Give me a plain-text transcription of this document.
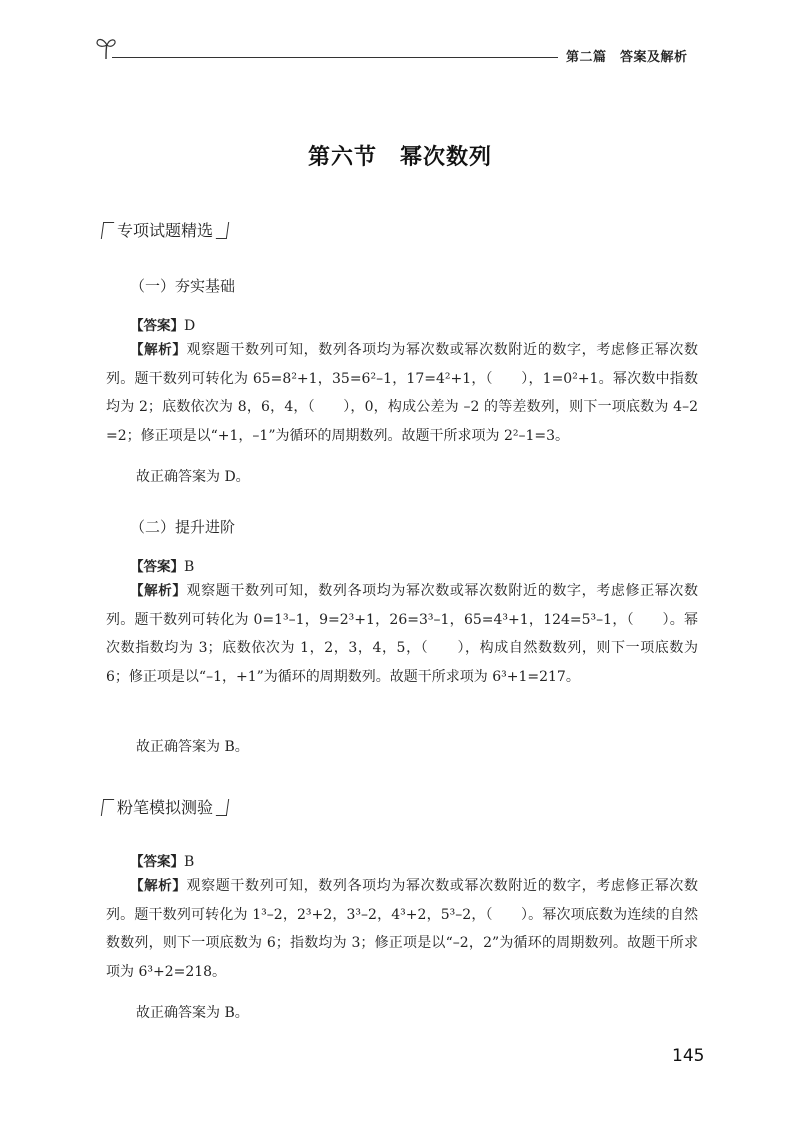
第二篇　答案及解析
第六节　幂次数列
专项试题精选
（一）夯实基础
【答案】D
【解析】观察题干数列可知，数列各项均为幂次数或幂次数附近的数字，考虑修正幂次数列。题干数列可转化为 65=8²+1，35=6²–1，17=4²+1，（　　），1=0²+1。幂次数中指数均为 2；底数依次为 8，6，4，（　　），0，构成公差为 –2 的等差数列，则下一项底数为 4–2=2；修正项是以“+1，–1”为循环的周期数列。故题干所求项为 2²–1=3。
故正确答案为 D。
（二）提升进阶
【答案】B
【解析】观察题干数列可知，数列各项均为幂次数或幂次数附近的数字，考虑修正幂次数列。题干数列可转化为 0=1³–1，9=2³+1，26=3³–1，65=4³+1，124=5³–1，（　　）。幂次数指数均为 3；底数依次为 1，2，3，4，5，（　　），构成自然数数列，则下一项底数为 6；修正项是以“–1，+1”为循环的周期数列。故题干所求项为 6³+1=217。
故正确答案为 B。
粉笔模拟测验
【答案】B
【解析】观察题干数列可知，数列各项均为幂次数或幂次数附近的数字，考虑修正幂次数列。题干数列可转化为 1³–2，2³+2，3³–2，4³+2，5³–2，（　　）。幂次项底数为连续的自然数数列，则下一项底数为 6；指数均为 3；修正项是以“–2，2”为循环的周期数列。故题干所求项为 6³+2=218。
故正确答案为 B。
145
